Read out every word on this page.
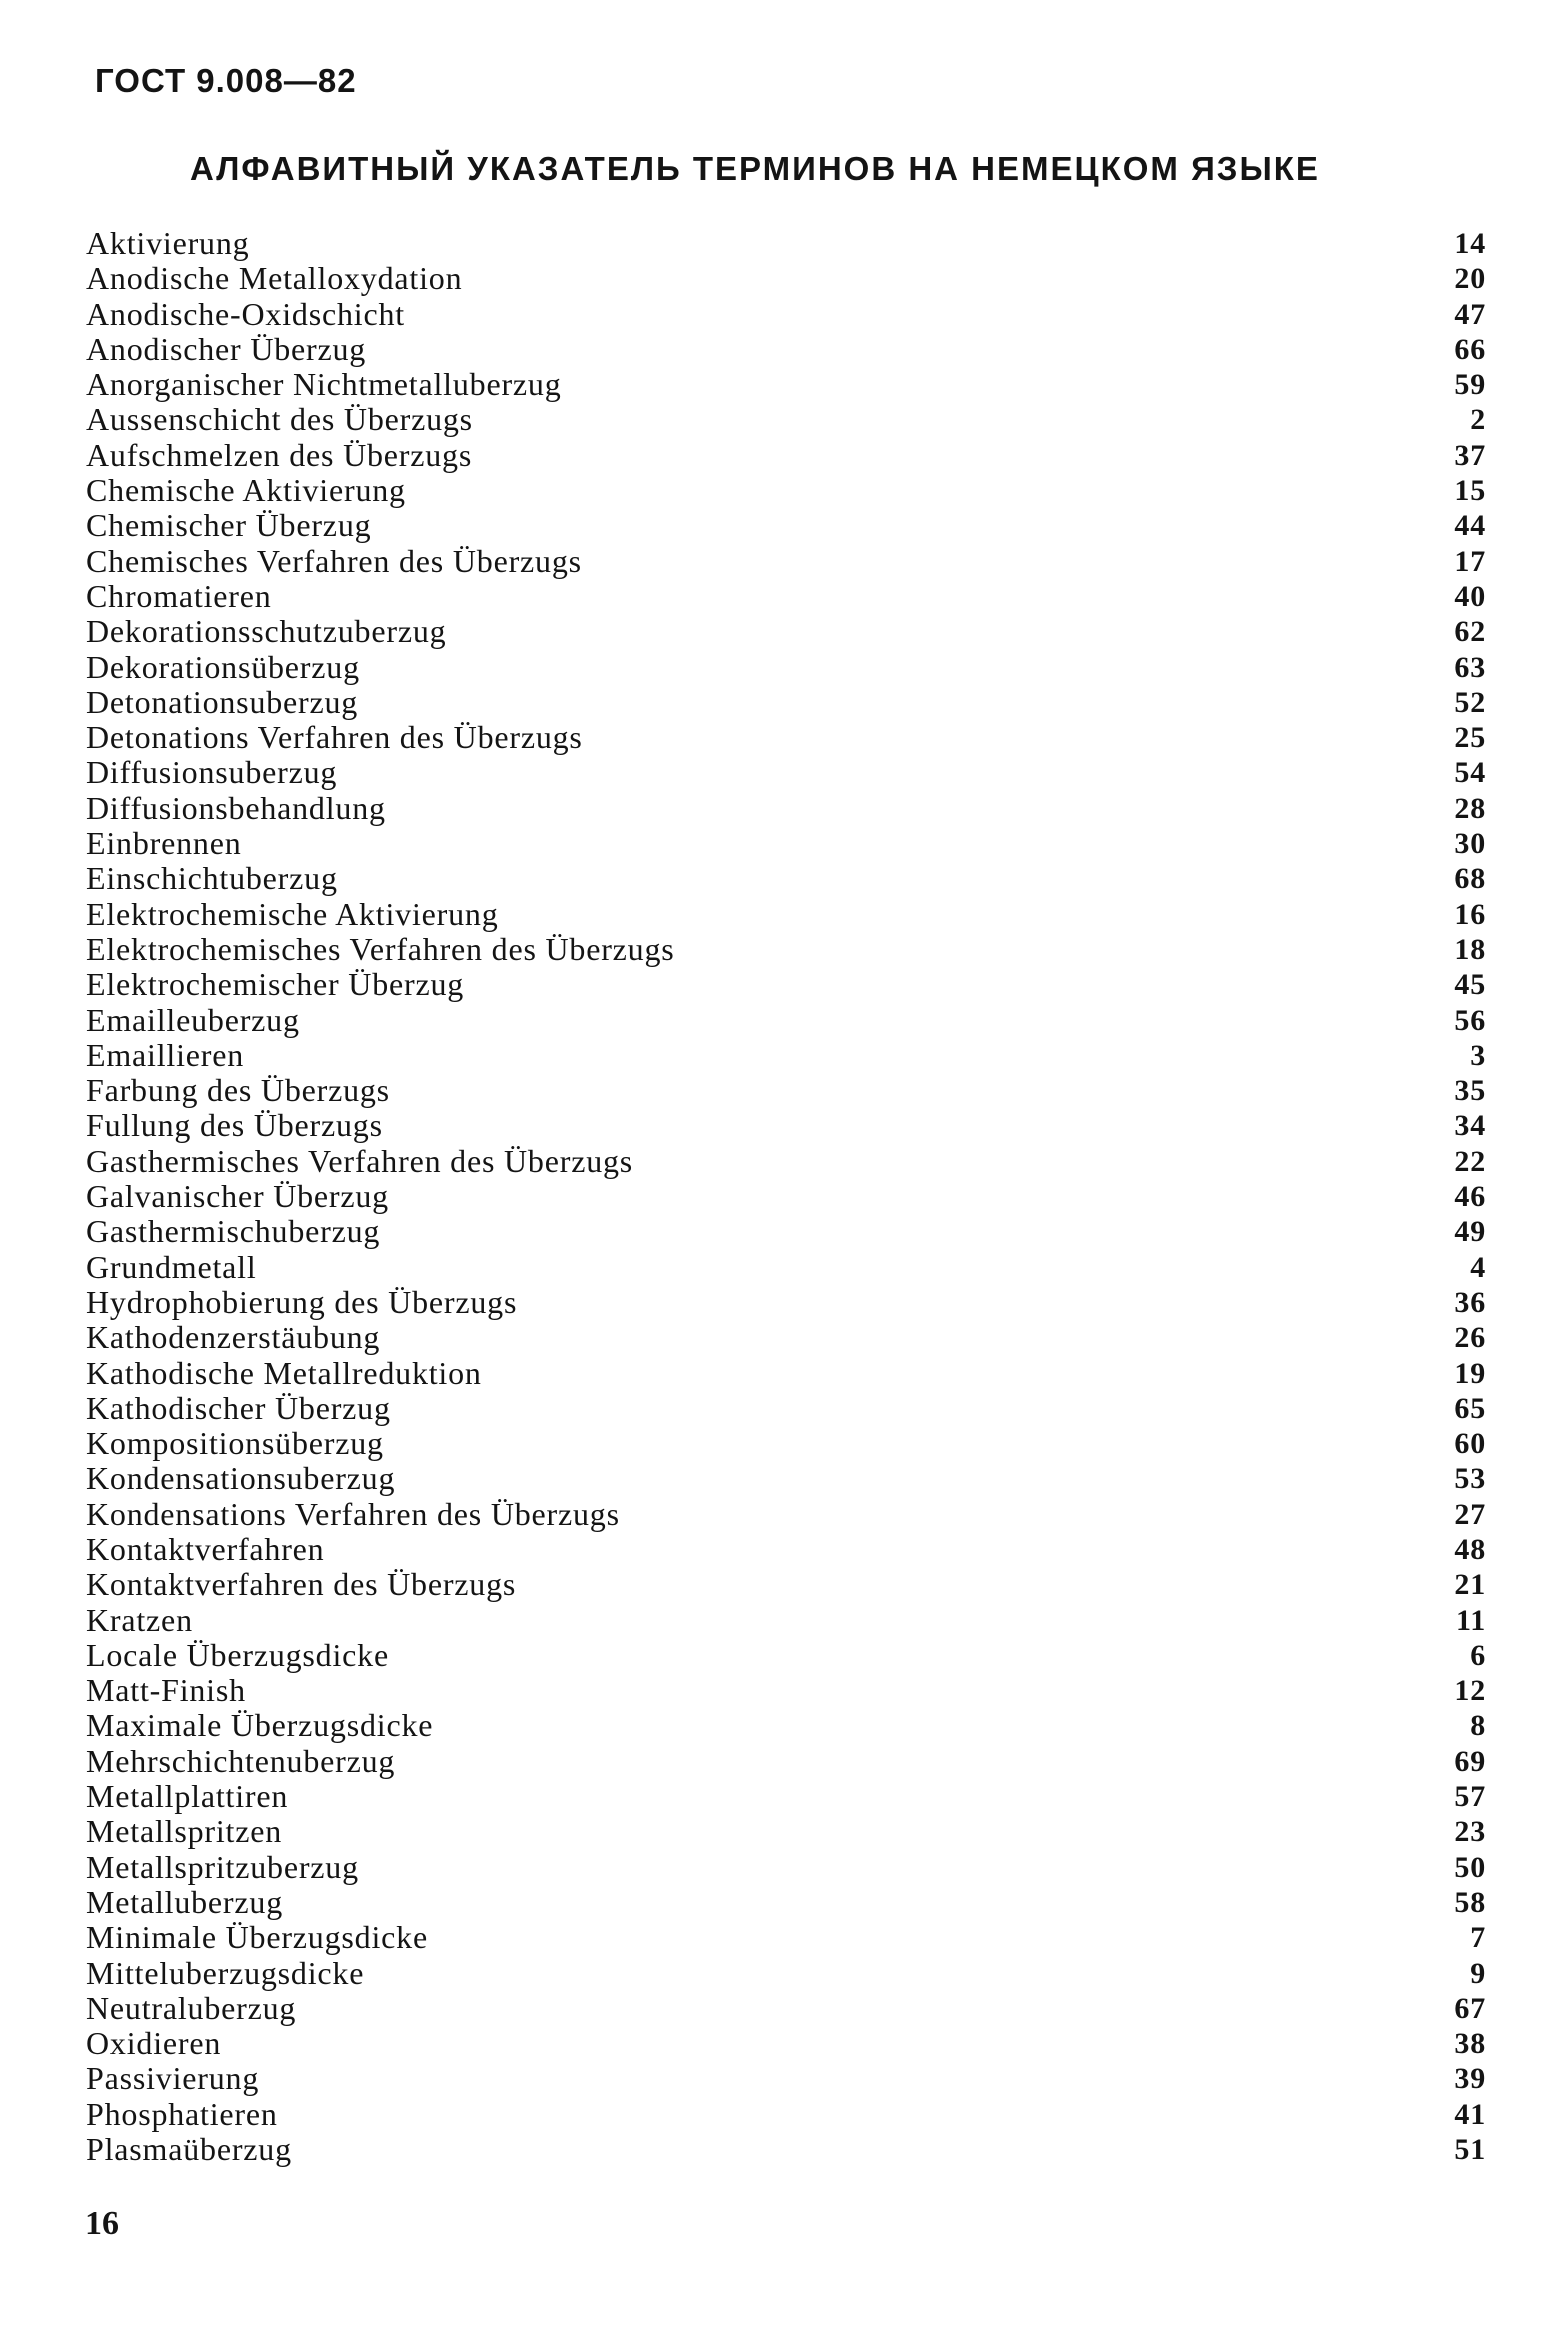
ГОСТ 9.008—82
АЛФАВИТНЫЙ УКАЗАТЕЛЬ ТЕРМИНОВ НА НЕМЕЦКОМ ЯЗЫКЕ
Aktivierung	14
Anodische Metalloxydation	20
Anodische-Oxidschicht	47
Anodischer Überzug	66
Anorganischer Nichtmetalluberzug	59
Aussenschicht des Überzugs	2
Aufschmelzen des Überzugs	37
Chemische Aktivierung	15
Chemischer Überzug	44
Chemisches Verfahren des Überzugs	17
Chromatieren	40
Dekorationsschutzuberzug	62
Dekorationsüberzug	63
Detonationsuberzug	52
Detonations Verfahren des Überzugs	25
Diffusionsuberzug	54
Diffusionsbehandlung	28
Einbrennen	30
Einschichtuberzug	68
Elektrochemische Aktivierung	16
Elektrochemisches Verfahren des Überzugs	18
Elektrochemischer Überzug	45
Emailleuberzug	56
Emaillieren	3
Farbung des Überzugs	35
Fullung des Überzugs	34
Gasthermisches Verfahren des Überzugs	22
Galvanischer Überzug	46
Gasthermischuberzug	49
Grundmetall	4
Hydrophobierung des Überzugs	36
Kathodenzerstäubung	26
Kathodische Metallreduktion	19
Kathodischer Überzug	65
Kompositionsüberzug	60
Kondensationsuberzug	53
Kondensations Verfahren des Überzugs	27
Kontaktverfahren	48
Kontaktverfahren des Überzugs	21
Kratzen	11
Locale Überzugsdicke	6
Matt-Finish	12
Maximale Überzugsdicke	8
Mehrschichtenuberzug	69
Metallplattiren	57
Metallspritzen	23
Metallspritzuberzug	50
Metalluberzug	58
Minimale Überzugsdicke	7
Mitteluberzugsdicke	9
Neutraluberzug	67
Oxidieren	38
Passivierung	39
Phosphatieren	41
Plasmaüberzug	51
16
